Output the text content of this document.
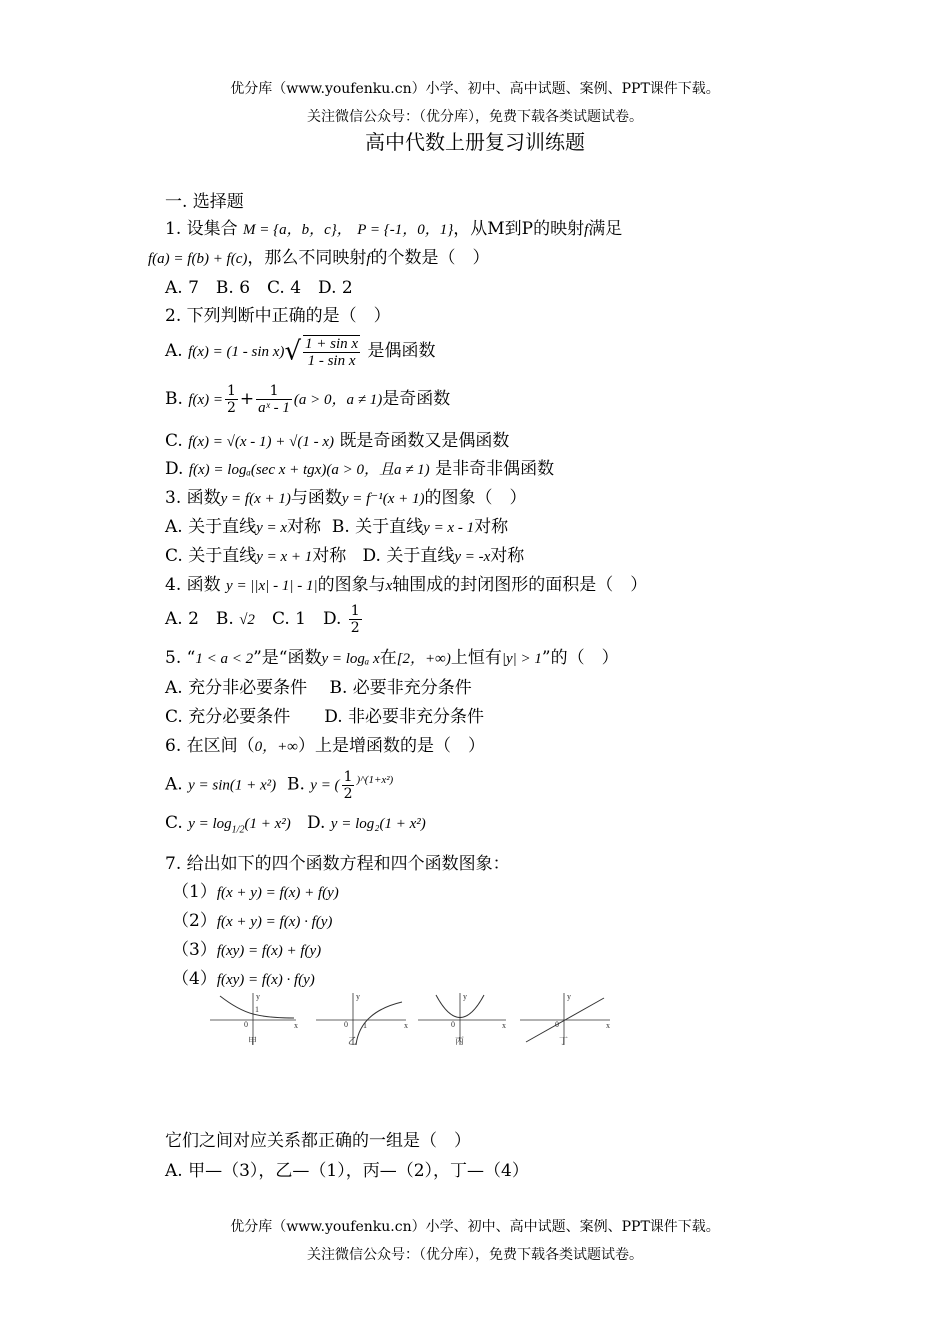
优分库（www.youfenku.cn）小学、初中、高中试题、案例、PPT课件下载。
关注微信公众号：（优分库），免费下载各类试题试卷。
高中代数上册复习训练题
一. 选择题
1. 设集合 M = {a，b，c}， P = {-1，0，1}，从M到P的映射f满足
f(a) = f(b) + f(c)，那么不同映射f的个数是（　）
A. 7　B. 6　C. 4　D. 2
2. 下列判断中正确的是（　）
A. $f(x) = (1 - \sin x)√ \frac{\text{1 + sin x}}{\text{1 - sin x}}$ 是偶函数
B. $f(x) = \frac{1}{2} + \frac{1}{\text{aˣ - 1}} (a > 0$，a ≠ 1)是奇函数
C. f(x) = √(x - 1) + √(1 - x) 既是奇函数又是偶函数
D. f(x) = logₐ(sec x + tgx)(a > 0，且a ≠ 1) 是非奇非偶函数
3. 函数y = f(x + 1)与函数y = f⁻¹(x + 1)的图象（　）
A. 关于直线y = x对称 B. 关于直线y = x - 1对称
C. 关于直线y = x + 1对称 D. 关于直线y = -x对称
4. 函数 y = ||x| - 1| - 1|的图象与x轴围成的封闭图形的面积是（　）
A. 2　B. √2　 C. 1　D. $\frac{1}{2}$
5. “1 < a < 2”是“函数y = logₐ x在[2，+∞)上恒有|y| > 1”的（　）
A. 充分非必要条件　 B. 必要非充分条件
C. 充分必要条件　　D. 非必要非充分条件
6. 在区间（0，+∞）上是增函数的是（　）
A. y = sin(1 + x²) B. y = ( $\frac{1}{2} ^{)\^{}(1+x^2)}$
C. $y = \log_{1/2}(1 + x^2)$ D. y = log₂(1 + x²)
7. 给出如下的四个函数方程和四个函数图象：
（1）f(x + y) = f(x) + f(y)
（2）f(x + y) = f(x) · f(y)
（3）f(xy) = f(x) + f(y)
（4）f(xy) = f(x) · f(y)
y
x
0
1
甲
y
x
0 1
乙
y
x
0
丙
y
x
0
丁
它们之间对应关系都正确的一组是（　）
A. 甲—（3），乙—（1），丙—（2），丁—（4）
优分库（www.youfenku.cn）小学、初中、高中试题、案例、PPT课件下载。
关注微信公众号：（优分库），免费下载各类试题试卷。
